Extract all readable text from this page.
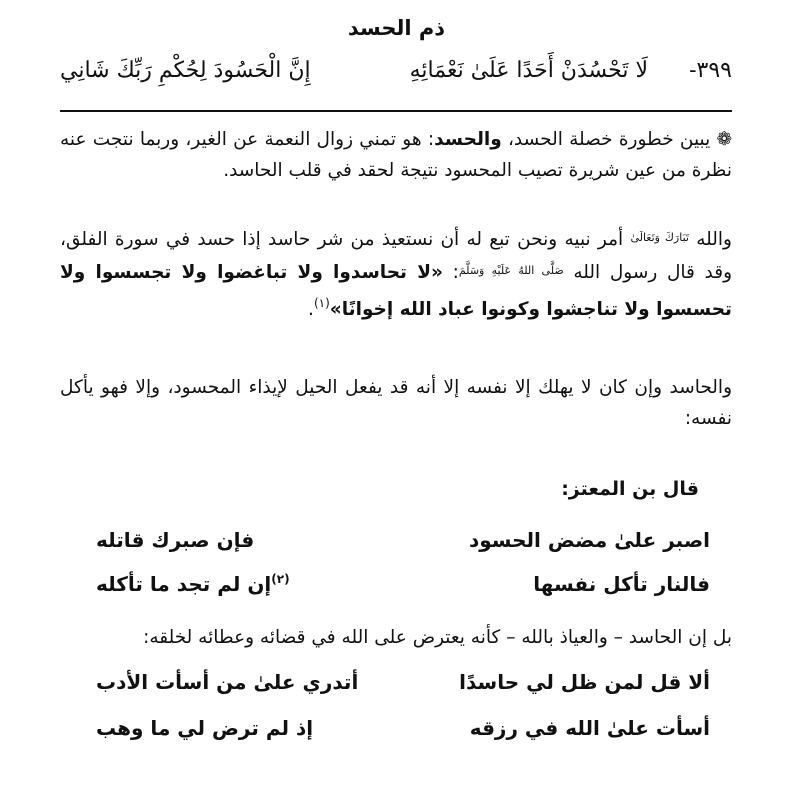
ذم الحسد
٣٩٩-
لَا تَحْسُدَنْ أَحَدًا عَلَىٰ نَعْمَائِهِ
إِنَّ الْحَسُودَ لِحُكْمِ رَبِّكَ شَانِي
❁ يبين خطورة خصلة الحسد، والحسد: هو تمني زوال النعمة عن الغير، وربما نتجت عنه نظرة من عين شريرة تصيب المحسود نتيجة لحقد في قلب الحاسد.
والله $^{تَبَارَكَ وَتَعَالَىٰ}$ أمر نبيه ونحن تبع له أن نستعيذ من شر حاسد إذا حسد في سورة الفلق، وقد قال رسول الله $^{صَلَّى اللهُ عَلَيْهِ وَسَلَّمَ}$: «لا تحاسدوا ولا تباغضوا ولا تجسسوا ولا تحسسوا ولا تناجشوا وكونوا عباد الله إخوانًا»$^{(١)}$.
والحاسد وإن كان لا يهلك إلا نفسه إلا أنه قد يفعل الحيل لإيذاء المحسود، وإلا فهو يأكل نفسه:
قال بن المعتز:
اصبر علىٰ مضض الحسود
فإن صبرك قاتله
فالنار تأكل نفسها
$^{(٢)}$إن لم تجد ما تأكله
بل إن الحاسد – والعياذ بالله – كأنه يعترض على الله في قضائه وعطائه لخلقه:
ألا قل لمن ظل لي حاسدًا
أتدري علىٰ من أسأت الأدب
أسأت علىٰ الله في رزقه
إذ لم ترض لي ما وهب
